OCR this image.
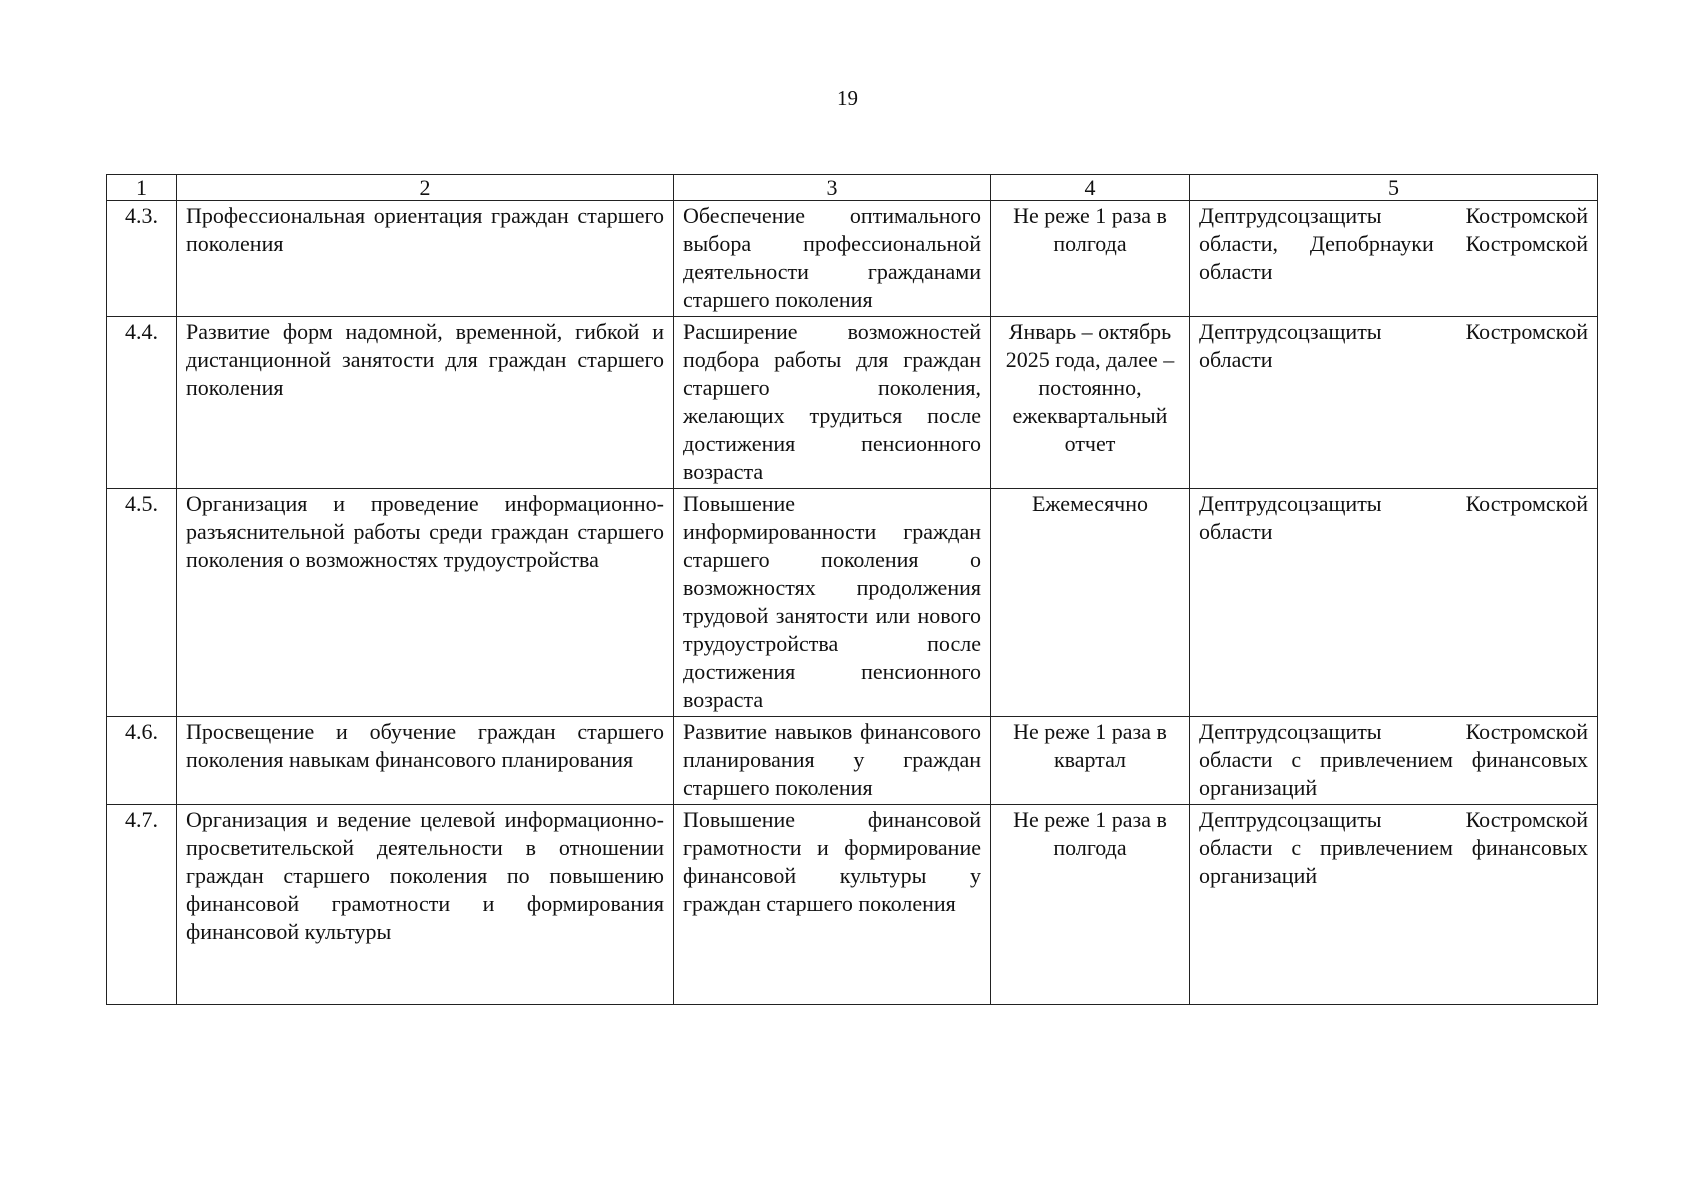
19
1	2	3	4	5
4.3.	Профессиональная ориентация граждан старшего поколения	Обеспечение оптимального выбора профессиональной деятельности гражданами старшего поколения	Не реже 1 раза в полгода	Дептрудсоцзащиты Костромской области, Депобрнауки Костромской области
4.4.	Развитие форм надомной, временной, гибкой и дистанционной занятости для граждан старшего поколения	Расширение возможностей подбора работы для граждан старшего поколения, желающих трудиться после достижения пенсионного возраста	Январь – октябрь 2025 года, далее – постоянно, ежеквартальный отчет	Дептрудсоцзащиты Костромской области
4.5.	Организация и проведение информационно-разъяснительной работы среди граждан старшего поколения о возможностях трудоустройства	Повышение информированности граждан старшего поколения о возможностях продолжения трудовой занятости или нового трудоустройства после достижения пенсионного возраста	Ежемесячно	Дептрудсоцзащиты Костромской области
4.6.	Просвещение и обучение граждан старшего поколения навыкам финансового планирования	Развитие навыков финансового планирования у граждан старшего поколения	Не реже 1 раза в квартал	Дептрудсоцзащиты Костромской области с привлечением финансовых организаций
4.7.	Организация и ведение целевой информационно-просветительской деятельности в отношении граждан старшего поколения по повышению финансовой грамотности и формирования финансовой культуры	Повышение финансовой грамотности и формирование финансовой культуры у граждан старшего поколения	Не реже 1 раза в полгода	Дептрудсоцзащиты Костромской области с привлечением финансовых организаций
